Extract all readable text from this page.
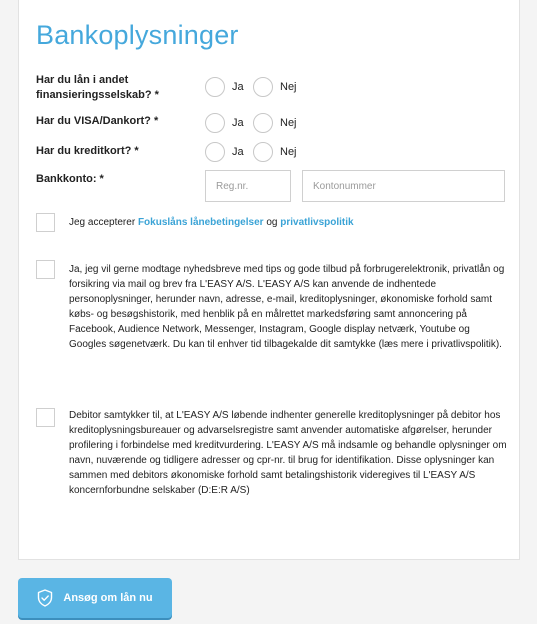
Bankoplysninger
Har du lån i andet finansieringsselskab? *
Ja	Nej
Har du VISA/Dankort? *	Ja	Nej
Har du kreditkort? *	Ja	Nej
Bankkonto: *
Reg.nr.
Kontonummer
Jeg accepterer Fokuslåns lånebetingelser og privatlivspolitik
Ja, jeg vil gerne modtage nyhedsbreve med tips og gode tilbud på forbrugerelektronik, privatlån og forsikring via mail og brev fra L'EASY A/S. L'EASY A/S kan anvende de indhentede personoplysninger, herunder navn, adresse, e-mail, kreditoplysninger, økonomiske forhold samt købs- og besøgshistorik, med henblik på en målrettet markedsføring samt annoncering på Facebook, Audience Network, Messenger, Instagram, Google display netværk, Youtube og Googles søgenetværk. Du kan til enhver tid tilbagekalde dit samtykke (læs mere i privatlivspolitik).
Debitor samtykker til, at L'EASY A/S løbende indhenter generelle kreditoplysninger på debitor hos kreditoplysningsbureauer og advarselsregistre samt anvender automatiske afgørelser, herunder profilering i forbindelse med kreditvurdering. L'EASY A/S må indsamle og behandle oplysninger om navn, nuværende og tidligere adresser og cpr-nr. til brug for identifikation. Disse oplysninger kan sammen med debitors økonomiske forhold samt betalingshistorik videregives til L'EASY A/S koncernforbundne selskaber (D:E:R A/S)
Ansøg om lån nu
